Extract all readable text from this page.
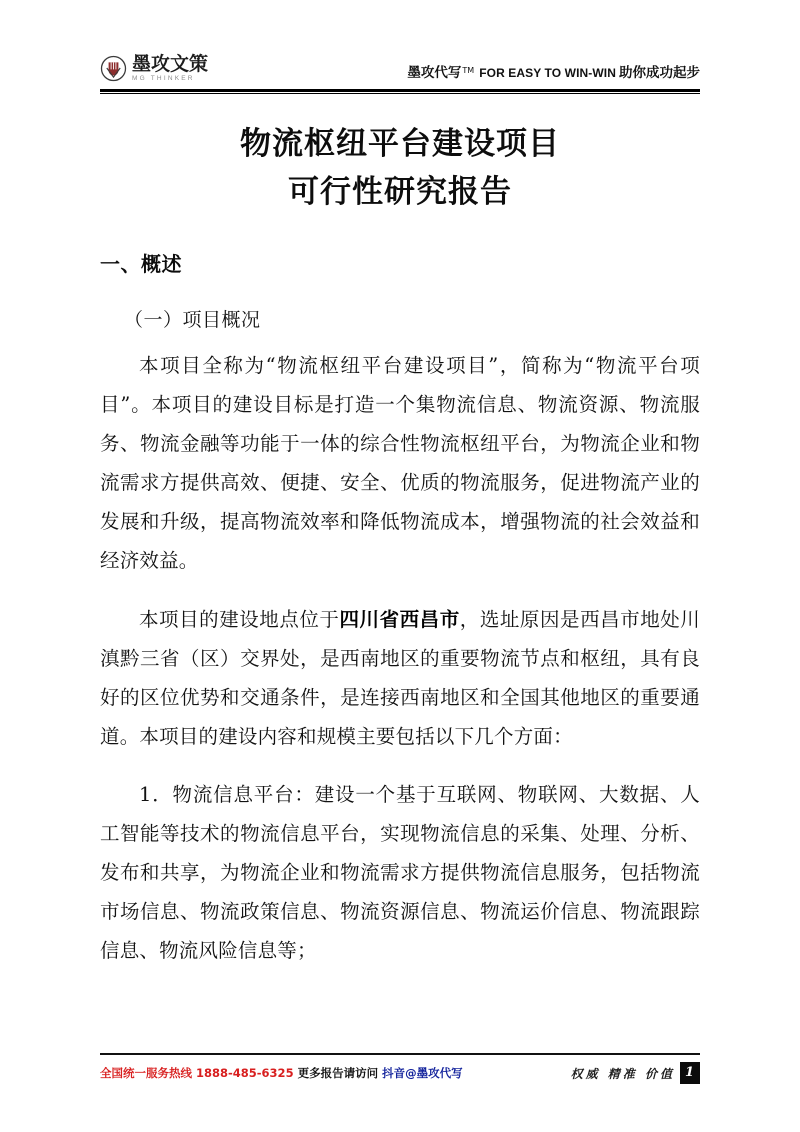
墨攻文策
MG THINKER	墨攻代写 TM FOR EASY TO WIN-WIN 助你成功起步
物流枢纽平台建设项目
可行性研究报告
一、概述
（一）项目概况

本项目全称为“物流枢纽平台建设项目”，简称为“物流平台项目”。本项目的建设目标是打造一个集物流信息、物流资源、物流服务、物流金融等功能于一体的综合性物流枢纽平台，为物流企业和物流需求方提供高效、便捷、安全、优质的物流服务，促进物流产业的发展和升级，提高物流效率和降低物流成本，增强物流的社会效益和经济效益。

本项目的建设地点位于四川省西昌市，选址原因是西昌市地处川滇黔三省（区）交界处，是西南地区的重要物流节点和枢纽，具有良好的区位优势和交通条件，是连接西南地区和全国其他地区的重要通道。本项目的建设内容和规模主要包括以下几个方面：

1．物流信息平台：建设一个基于互联网、物联网、大数据、人工智能等技术的物流信息平台，实现物流信息的采集、处理、分析、发布和共享，为物流企业和物流需求方提供物流信息服务，包括物流市场信息、物流政策信息、物流资源信息、物流运价信息、物流跟踪信息、物流风险信息等；

全国统一服务热线 1888-485-6325 更多报告请访问 抖音@墨攻代写	权威 精准 价值 1
